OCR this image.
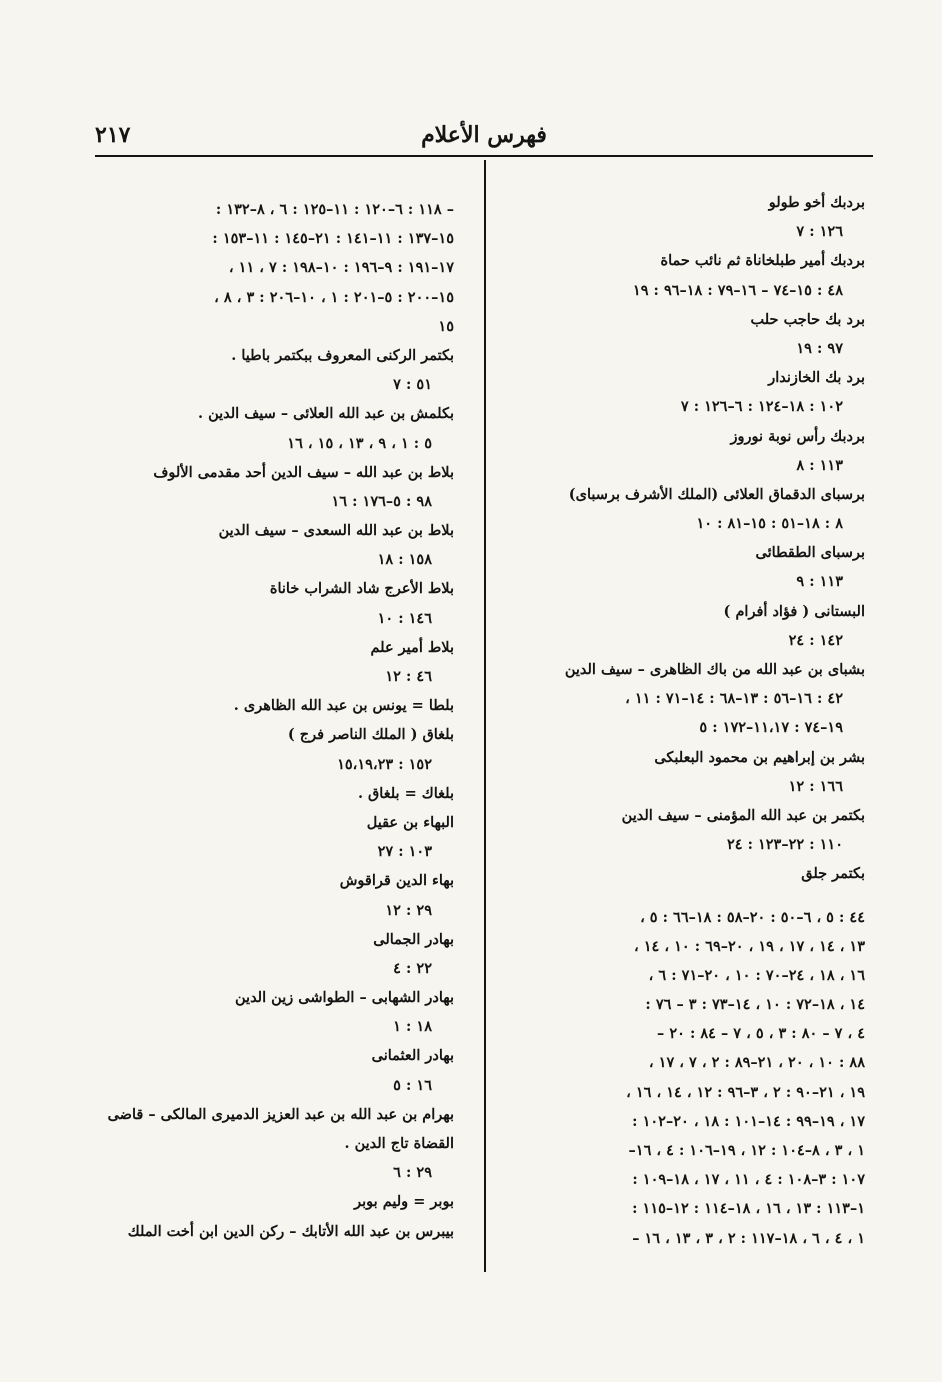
٢١٧	فهرس الأعلام
بردبك أخو طولو
١٢٦ : ٧
بردبك أمير طبلخاناة ثم نائب حماة
٤٨ : ١٥–٧٤ – ١٦–٧٩ : ١٨–٩٦ : ١٩
برد بك حاجب حلب
٩٧ : ١٩
برد بك الخازندار
١٠٢ : ١٨–١٢٤ : ٦–١٢٦ : ٧
بردبك رأس نوبة نوروز
١١٣ : ٨
برسباى الدقماق العلائى (الملك الأشرف برسباى)
٨ : ١٨–٥١ : ١٥–٨١ : ١٠
برسباى الطقطائى
١١٣ : ٩
البستانى ( فؤاد أفرام )
١٤٢ : ٢٤
بشباى بن عبد الله من باك الظاهرى – سيف الدين
٤٢ : ١٦–٥٦ : ١٣–٦٨ : ١٤–٧١ : ١١ ،
١٩–٧٤ : ١١،١٧–١٧٢ : ٥
بشر بن إبراهيم بن محمود البعلبكى
١٦٦ : ١٢
بكتمر بن عبد الله المؤمنى – سيف الدين
١١٠ : ٢٢–١٢٣ : ٢٤
بكتمر جلق
٤٤ : ٥ ، ٦–٥٠ : ٢٠–٥٨ : ١٨–٦٦ : ٥ ،
١٣ ، ١٤ ، ١٧ ، ١٩ ، ٢٠–٦٩ : ١٠ ، ١٤ ،
١٦ ، ١٨ ، ٢٤–٧٠ : ١٠ ، ٢٠–٧١ : ٦ ،
١٤ ، ١٨–٧٢ : ١٠ ، ١٤–٧٣ : ٣ – ٧٦ :
٤ ، ٧ – ٨٠ : ٣ ، ٥ ، ٧ – ٨٤ : ٢٠ –
٨٨ : ١٠ ، ٢٠ ، ٢١–٨٩ : ٢ ، ٧ ، ١٧ ،
١٩ ، ٢١–٩٠ : ٢ ، ٣–٩٦ : ١٢ ، ١٤ ، ١٦ ،
١٧ ، ١٩–٩٩ : ١٤–١٠١ : ١٨ ، ٢٠–١٠٢ :
١ ، ٣ ، ٨–١٠٤ : ١٢ ، ١٩–١٠٦ : ٤ ، ١٦–
١٠٧ : ٣–١٠٨ : ٤ ، ١١ ، ١٧ ، ١٨–١٠٩ :
١–١١٣ : ١٣ ، ١٦ ، ١٨–١١٤ : ١٢–١١٥ :
١ ، ٤ ، ٦ ، ١٨–١١٧ : ٢ ، ٣ ، ١٣ ، ١٦ –
– ١١٨ : ٦–١٢٠ : ١١–١٢٥ : ٦ ، ٨–١٣٢ :
١٥–١٣٧ : ١١–١٤١ : ٢١–١٤٥ : ١١–١٥٣ :
١٧–١٩١ : ٩–١٩٦ : ١٠–١٩٨ : ٧ ، ١١ ،
١٥–٢٠٠ : ٥–٢٠١ : ١ ، ١٠–٢٠٦ : ٣ ، ٨ ،
١٥
بكتمر الركنى المعروف ببكتمر باطيا .
٥١ : ٧
بكلمش بن عبد الله العلائى – سيف الدين .
٥ : ١ ، ٩ ، ١٣ ، ١٥ ، ١٦
بلاط بن عبد الله – سيف الدين أحد مقدمى الألوف
٩٨ : ٥–١٧٦ : ١٦
بلاط بن عبد الله السعدى – سيف الدين
١٥٨ : ١٨
بلاط الأعرج شاد الشراب خاناة
١٤٦ : ١٠
بلاط أمير علم
٤٦ : ١٢
بلطا = يونس بن عبد الله الظاهرى .
بلغاق ( الملك الناصر فرج )
١٥٢ : ١٥،١٩،٢٣
بلغاك = بلغاق .
البهاء بن عقيل
١٠٣ : ٢٧
بهاء الدين قراقوش
٢٩ : ١٢
بهادر الجمالى
٢٢ : ٤
بهادر الشهابى – الطواشى زين الدين
١٨ : ١
بهادر العثمانى
١٦ : ٥
بهرام بن عبد الله بن عبد العزيز الدميرى المالكى – قاضى
القضاة تاج الدين .
٢٩ : ٦
بوبر = وليم بوبر
بيبرس بن عبد الله الأتابك – ركن الدين ابن أخت الملك
